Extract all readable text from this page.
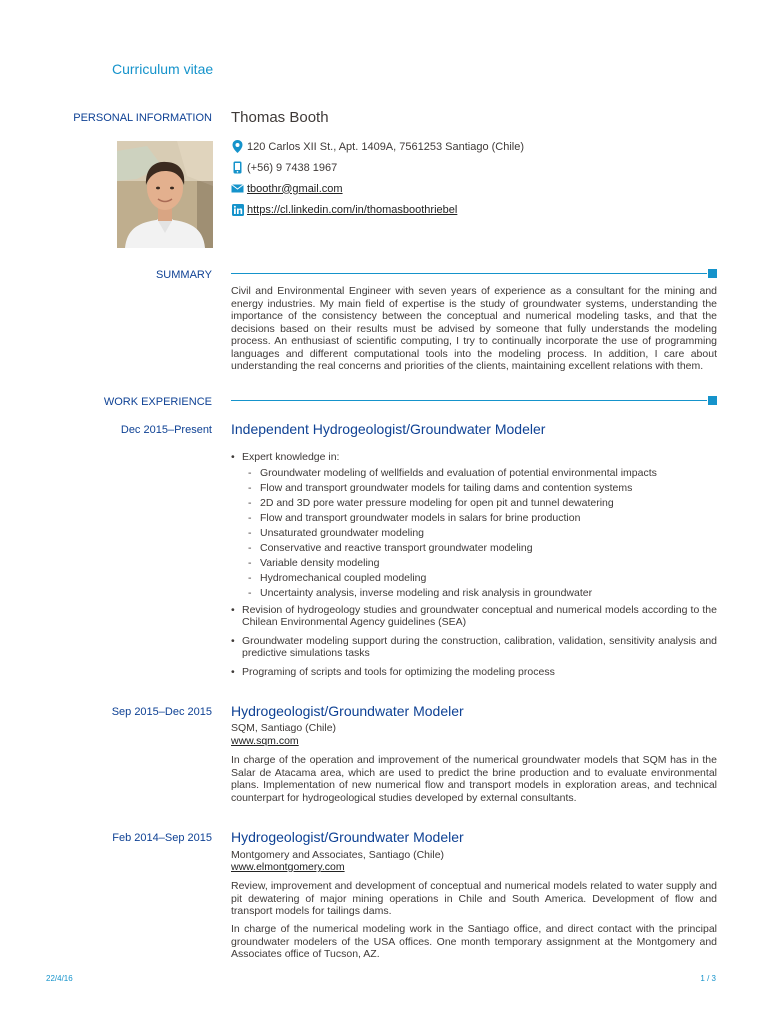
Curriculum vitae
PERSONAL INFORMATION Thomas Booth
120 Carlos XII St., Apt. 1409A, 7561253 Santiago (Chile)
(+56) 9 7438 1967
tboothr@gmail.com
https://cl.linkedin.com/in/thomasboothriebel
SUMMARY
Civil and Environmental Engineer with seven years of experience as a consultant for the mining and energy industries. My main field of expertise is the study of groundwater systems, understanding the importance of the consistency between the conceptual and numerical modeling tasks, and that the decisions based on their results must be advised by someone that fully understands the modeling process. An enthusiast of scientific computing, I try to continually incorporate the use of programming languages and different computational tools into the modeling process. In addition, I care about understanding the real concerns and priorities of the clients, maintaining excellent relations with them.
WORK EXPERIENCE
Dec 2015–Present Independent Hydrogeologist/Groundwater Modeler
• Expert knowledge in:
- Groundwater modeling of wellfields and evaluation of potential environmental impacts
- Flow and transport groundwater models for tailing dams and contention systems
- 2D and 3D pore water pressure modeling for open pit and tunnel dewatering
- Flow and transport groundwater models in salars for brine production
- Unsaturated groundwater modeling
- Conservative and reactive transport groundwater modeling
- Variable density modeling
- Hydromechanical coupled modeling
- Uncertainty analysis, inverse modeling and risk analysis in groundwater
• Revision of hydrogeology studies and groundwater conceptual and numerical models according to the Chilean Environmental Agency guidelines (SEA)
• Groundwater modeling support during the construction, calibration, validation, sensitivity analysis and predictive simulations tasks
• Programing of scripts and tools for optimizing the modeling process
Sep 2015–Dec 2015 Hydrogeologist/Groundwater Modeler
SQM, Santiago (Chile)
www.sqm.com
In charge of the operation and improvement of the numerical groundwater models that SQM has in the Salar de Atacama area, which are used to predict the brine production and to evaluate environmental plans. Implementation of new numerical flow and transport models in exploration areas, and technical counterpart for hydrogeological studies developed by external consultants.
Feb 2014–Sep 2015 Hydrogeologist/Groundwater Modeler
Montgomery and Associates, Santiago (Chile)
www.elmontgomery.com
Review, improvement and development of conceptual and numerical models related to water supply and pit dewatering of major mining operations in Chile and South America. Development of flow and transport models for tailings dams.
In charge of the numerical modeling work in the Santiago office, and direct contact with the principal groundwater modelers of the USA offices. One month temporary assignment at the Montgomery and Associates office of Tucson, AZ.
22/4/16	1 / 3
